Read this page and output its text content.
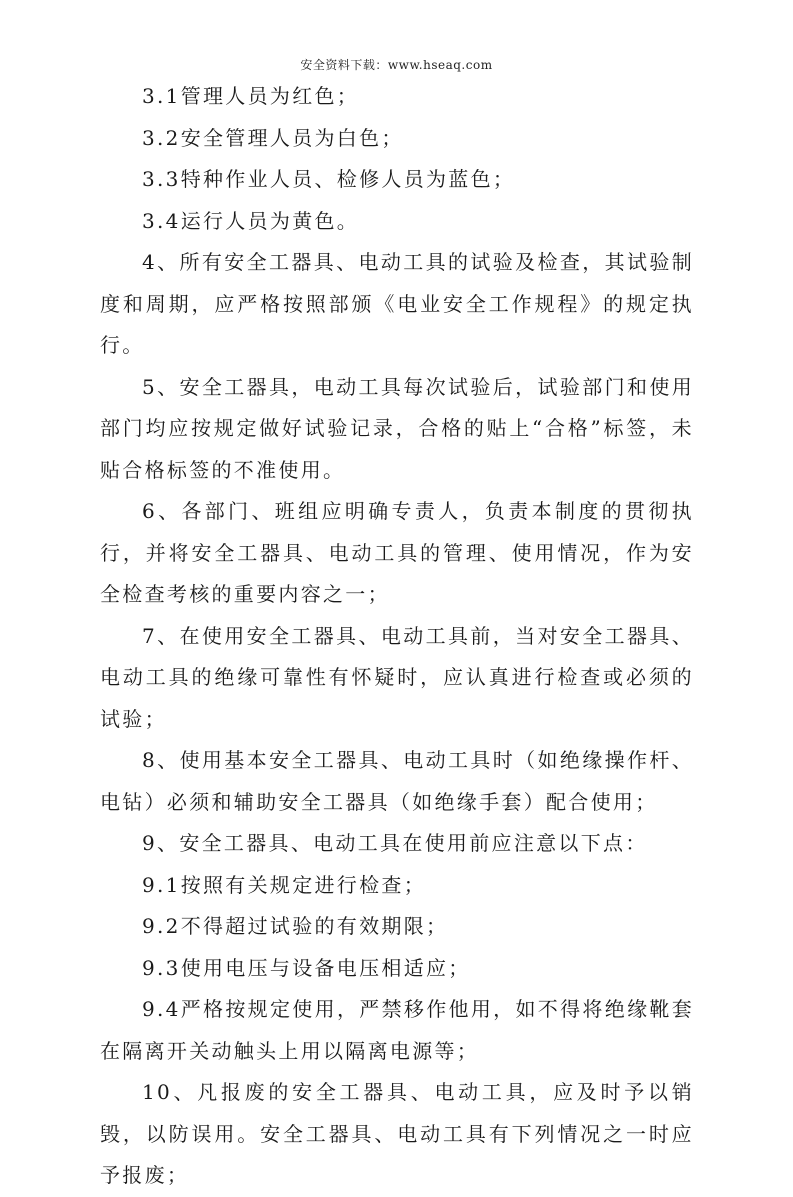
安全资料下载：www.hseaq.com

3.1管理人员为红色；

3.2安全管理人员为白色；

3.3特种作业人员、检修人员为蓝色；

3.4运行人员为黄色。

4、所有安全工器具、电动工具的试验及检查，其试验制度和周期，应严格按照部颁《电业安全工作规程》的规定执行。

5、安全工器具，电动工具每次试验后，试验部门和使用部门均应按规定做好试验记录，合格的贴上“合格”标签，未贴合格标签的不准使用。

6、各部门、班组应明确专责人，负责本制度的贯彻执行，并将安全工器具、电动工具的管理、使用情况，作为安全检查考核的重要内容之一；

7、在使用安全工器具、电动工具前，当对安全工器具、电动工具的绝缘可靠性有怀疑时，应认真进行检查或必须的试验；

8、使用基本安全工器具、电动工具时（如绝缘操作杆、电钻）必须和辅助安全工器具（如绝缘手套）配合使用；

9、安全工器具、电动工具在使用前应注意以下点：

9.1按照有关规定进行检查；

9.2不得超过试验的有效期限；

9.3使用电压与设备电压相适应；

9.4严格按规定使用，严禁移作他用，如不得将绝缘靴套在隔离开关动触头上用以隔离电源等；

10、凡报废的安全工器具、电动工具，应及时予以销毁，以防误用。安全工器具、电动工具有下列情况之一时应予报废；
